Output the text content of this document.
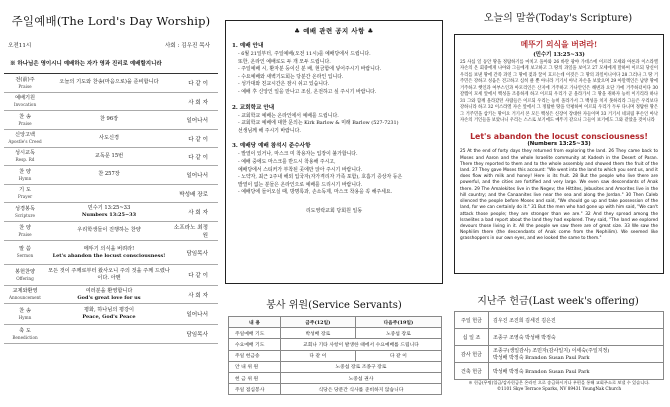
주일예배(The Lord's Day Worship)
오전11시	사회 : 김우진 목사
※ 하나님은 영이시니 예배하는 자가 영과 진리로 예배할지니라
전(前)주
Praise
오늘의 기도와 찬송(마음으로)을 준비합니다	다 같 이
예배기원
Invocation	사 회 자
찬 송
Praise
찬 96장	일어나서
신앙고백
Apostle's Creed
사도신경	다 같 이
성시교독
Resp. Rd
교독문 15번	다 같 이
찬 양
Hymn
찬 257장	일어나서
기 도
Prayer	박성배 장로
성경봉독
Scripture
민수기 13:25~33
Numbers 13:25~33	사 회 자
찬 양
Praise
우리학생들이 진행하는 찬양	소프라노 최정원
말 씀
Sermon
메뚜기 의식을 버려라!
Let's abandon the locust consciousness!	담임목사
봉헌찬양
Offering
모든 것이 주께로부터 왔사오니 주의 것을 주께 드렸나이다. 아멘	다 같 이
교제와환영
Announcement
여러분을 환영합니다
God's great love for us	사 회 자
찬 송
Hymn
평화, 하나님의 평강이
Peace, God's Peace	일어나서
축 도
Benediction	담임목사
♣ 예배 관련 공지 사항 ♣
1. 예배 안내
- 6월 21일부터, 주일예배(오전 11시)를 예배당에서 드립니다.
또한, 온라인 예배로도 두 개 모두 드립니다.
- 주일예배 시, 환자분 등이신 분 배, 현금함에 넣어주시기 바랍니다.
- 수요예배와 새벽기도회는 당분간 온라인 입니다.
- 성가대와 친교시간은 잠시 쉬고 있습니다.
- 예배 후 신앙인 일을 만나고 조심, 온전하고 싶 주시기 바랍니다.
2. 교회학교 안내
- 교회학교 예배는 온라인에서 예배를 드립니다.
- 교회학교 예배에 대한 문의는 Kirk Barlow & 미래 Barlow (527-7231)
선생님께 해 주시기 바랍니다.
3. 예배당 예배 참석시 준수사항
- 발열이 있거나, 마스크 미 착용자는 입장이 불가합니다.
- 예배 중에도 마스크를 반드시 착용해 주시고,
예배당에서 스티커가 부착된 곳에만 앉아 주시기 바랍니다.
- 노약자, 최근 2주내 해외 입국자(자가격리자 가족 포함), 호흡기 증상자 등은
발열이 없는 분들은 온라인으로 예배를 드리시기 바랍니다.
- 예배당에 들어오실 때, 방명록과, 손소독제, 마스크 착용을 꼭 해주세요.
리도영락교회 당회원 일동
봉사 위원(Service Servants)
내 용	금주(12일)	다음주(19일)
주일예배 기도	박성배 장로	노중섭 장로
수요예배 기도	교회나 기타 사항이 발생한 때에서 수요예배를 드립니다	
주일 헌금송	다 같 이	다 같 이
안 내 위 원	노중섭 장로 조종구 장로	
헌 금 위 원	노중섭 권사	
주일 점심봉사	식당은 당분간 식사를 준비하지 않습니다	
오늘의 말씀(Today's Scripture)
메뚜기 의식을 버려라!
(민수기 13:25~33)
25 사십 일 동안 땅을 정탐하기를 마치고 돌아와 26 바란 광야 가데스에 이르러 모세와 아론과 이스라엘 자손의 온 회중에게 나아와 그들에게 보고하고 그 땅의 과일을 보이고 27 모세에게 말하여 이르되 당신이 우리를 보낸 땅에 간즉 과연 그 땅에 젖과 꿀이 흐르는데 이것은 그 땅의 과일이니이다 28 그러나 그 땅 거주민은 강하고 성읍은 견고하고 심히 클 뿐 아니라 거기서 아낙 자손을 보았으며 29 아말렉인은 남방 땅에 거주하고 헷인과 여부스인과 아모리인은 산지에 거주하고 가나안인은 해변과 요단 가에 거주하더이다 30 갈렙이 모세 앞에서 백성을 조용하게 하고 이르되 우리가 곧 올라가서 그 땅을 취하자 능히 이기리라 하나 31 그와 함께 올라갔던 사람들은 이르되 우리는 능히 올라가서 그 백성을 치지 못하리라 그들은 우리보다 강하니라 하고 32 이스라엘 자손 앞에서 그 정탐한 땅을 악평하여 이르되 우리가 두루 다니며 정탐한 땅은 그 거주민을 삼키는 땅이요 거기서 본 모든 백성은 신장이 장대한 자들이며 33 거기서 네피림 후손인 아낙 자손의 거인들을 보았나니 우리는 스스로 보기에도 메뚜기 같으니 그들이 보기에도 그와 같았을 것이니라
Let's abandon the locust consciousness!
(Numbers 13:25~33)
25 At the end of forty days they returned from exploring the land. 26 They came back to Moses and Aaron and the whole Israelite community at Kadesh in the Desert of Paran. There they reported to them and to the whole assembly and showed them the fruit of the land. 27 They gave Moses this account: "We went into the land to which you sent us, and it does flow with milk and honey! Here is its fruit. 28 But the people who live there are powerful, and the cities are fortified and very large. We even saw descendants of Anak there. 29 The Amalekites live in the Negev; the Hittites, Jebusites and Amorites live in the hill country; and the Canaanites live near the sea and along the Jordan." 30 Then Caleb silenced the people before Moses and said, "We should go up and take possession of the land, for we can certainly do it." 31 But the men who had gone up with him said, "We can't attack those people; they are stronger than we are." 32 And they spread among the Israelites a bad report about the land they had explored. They said, "The land we explored devours those living in it. All the people we saw there are of great size. 33 We saw the Nephilim there (the descendants of Anak come from the Nephilim). We seemed like grasshoppers in our own eyes, and we looked the same to them."
지난주 헌금(Last week's offering)
주일 헌금	김우진 조진희 김세진 김은진
십 일 조	조종구 조영숙 박성배 박정숙
감사 헌금	조종구(생일감사) 조민자(감사일지) 이세숙(주일지정)
박성배 박정숙 Brandon Susan Paul Park
건축 헌금	박성배 박정숙 Brandon Susan Paul Park
※ 헌금(무명)입금/감사헌금은 온라인 으로 송금하시거나 우편을 통해 교회주소로 보낼 수 있습니다.
©1101 Skye Terrace Sparks, NV 89431 YoungNak Church
